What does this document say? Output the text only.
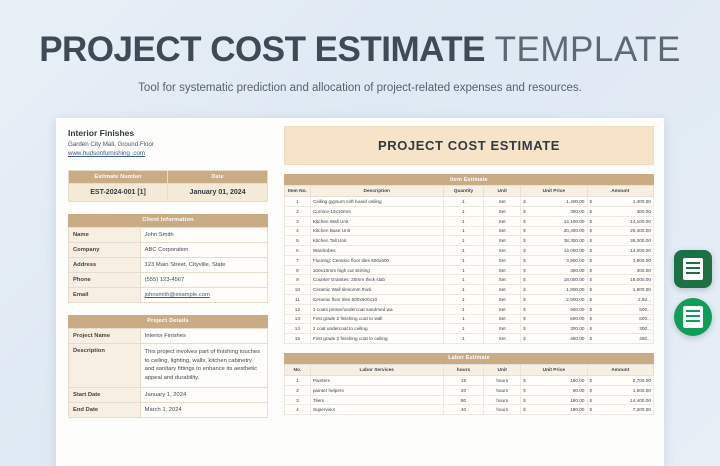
PROJECT COST ESTIMATE TEMPLATE
Tool for systematic prediction and allocation of project-related expenses and resources.
Interior Finishes
Garden City Mall, Ground Floor
www.hudsonfurnishing .com
Estimate Number	Date
EST-2024-001 [1]	January 01, 2024
Client Information
Name	John Smith
Company	ABC Corporation
Address	123 Main Street, Cityville, State
Phone	(555) 123-4567
Email	johnsmith@example.com
Project Details
Project Name	Interior Finishes
Description	This project involves part of finishing touches to ceiling, lighting, walls, kitchen cabinetry and sanitary fittings to enhance its aesthetic appeal and durability.
Start Date	January 1, 2024
End Date	March 1, 2024
PROJECT COST ESTIMATE
Item Estimate
Item No.	Description	Quantity	Unit	Unit Price	Amount
1	Ceiling gypsum soft board ceiling	1	Set	$ 1,400.00	$ 1,400.00

2	Cornice 10x10mm	1	Set	$ 300.00	$ 300.00

3	Kitchen Wall Unit	1	Set	$ 14,100.00	$ 14,100.00

4	Kitchen Base Unit	1	Set	$ 20,400.00	$ 20,400.00

5	Kitchen Tall Unit	1	Set	$ 38,300.00	$ 38,300.00

6	Wardrobes	1	Set	$ 14,000.00	$ 14,000.00

7	Flooring: Ceramic floor tiles 600x600	1	Set	$ 3,900.00	$ 3,900.00

8	100x10mm high cut skirting	1	Set	$ 300.00	$ 300.00

9	Counter Granites: 20mm thick slab	1	Set	$ 18,000.00	$ 18,000.00

10	Ceramic Wall tilesomm thick	1	Set	$ 1,800.00	$ 1,800.00

11	Ceramic floor tiles 600x600x10	1	Set	$ 2,500.00	$ 2,50...

12	2 coats primer/undercoat sandmed wa	1	Set	$ 500.00	$ 500...

13	First grade 2 finishing coat to wall	1	Set	$ 600.00	$ 600...

14	2 coat undercoat to ceiling	1	Set	$ 300.00	$ 300...

15	First grade 2 finishing coat to ceiling	1	Set	$ 450.00	$ 450...
Labor Estimate
No.	Labor Services	hours	Unit	Unit Price	Amount
1	Painters	15	hours	$ 180.00	$ 2,700.00

2	painter helpers	20	hours	$ 80.00	$ 1,600.00

3	Tilers	80	hours	$ 180.00	$ 14,400.00

4	Supervisor	40	hours	$ 180.00	$ 7,200.00
